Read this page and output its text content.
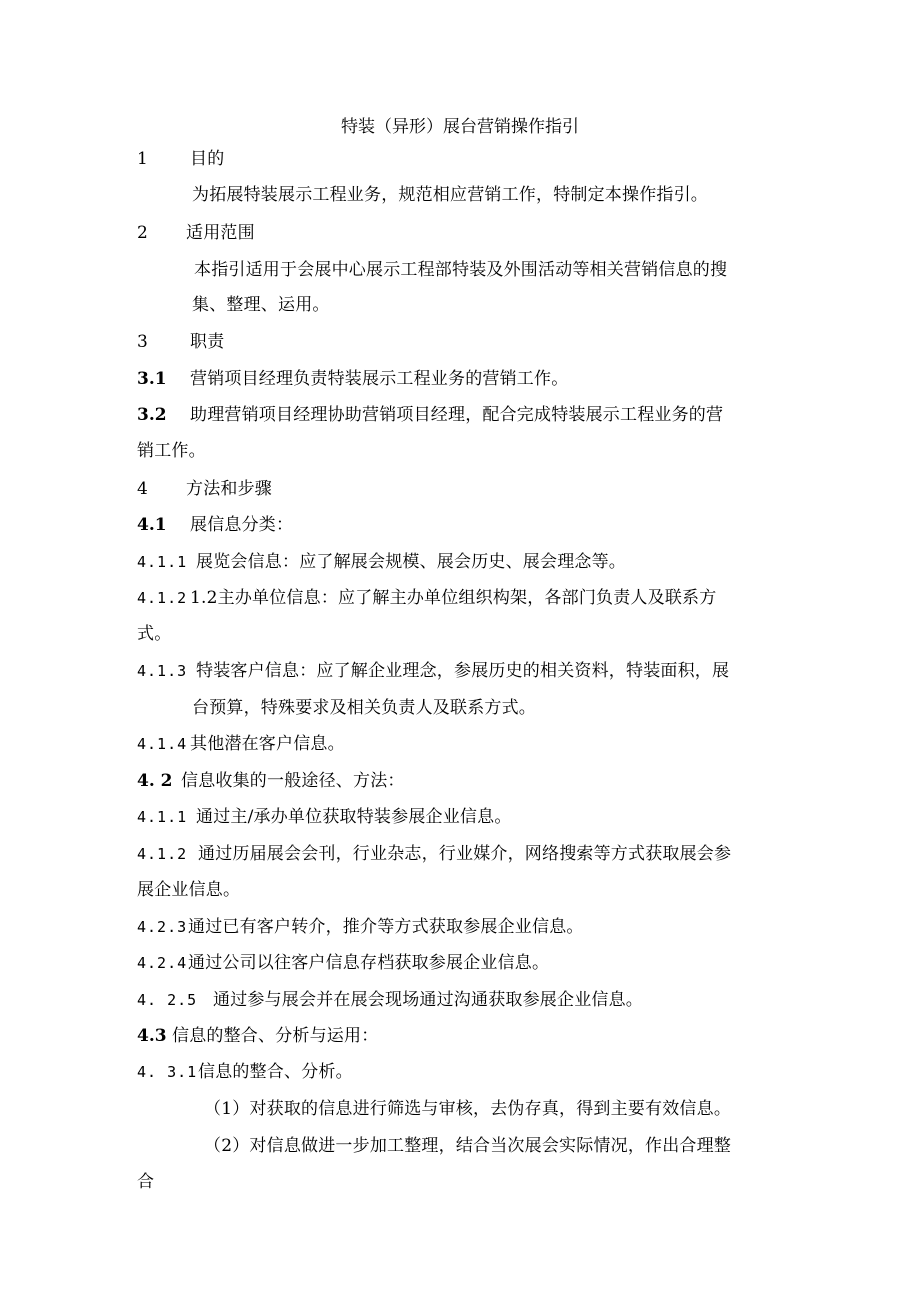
特装（异形）展台营销操作指引
1 目的
为拓展特装展示工程业务，规范相应营销工作，特制定本操作指引。
2 适用范围
本指引适用于会展中心展示工程部特装及外围活动等相关营销信息的搜
集、整理、运用。
3 职责
3.1 营销项目经理负责特装展示工程业务的营销工作。
3.2 助理营销项目经理协助营销项目经理，配合完成特装展示工程业务的营
销工作。
4 方法和步骤
4.1 展信息分类：
4.1.1 展览会信息：应了解展会规模、展会历史、展会理念等。
4.1.2 1.2主办单位信息：应了解主办单位组织构架，各部门负责人及联系方
式。
4.1.3 特装客户信息：应了解企业理念，参展历史的相关资料，特装面积，展
台预算，特殊要求及相关负责人及联系方式。
4.1.4 其他潜在客户信息。
4. 2 信息收集的一般途径、方法：
4.1.1 通过主/承办单位获取特装参展企业信息。
4.1.2 通过历届展会会刊，行业杂志，行业媒介，网络搜索等方式获取展会参
展企业信息。
4.2.3 通过已有客户转介，推介等方式获取参展企业信息。
4.2.4 通过公司以往客户信息存档获取参展企业信息。
4. 2.5 通过参与展会并在展会现场通过沟通获取参展企业信息。
4.3 信息的整合、分析与运用：
4. 3.1 信息的整合、分析。
（1）对获取的信息进行筛选与审核，去伪存真，得到主要有效信息。
（2）对信息做进一步加工整理，结合当次展会实际情况，作出合理整
合
